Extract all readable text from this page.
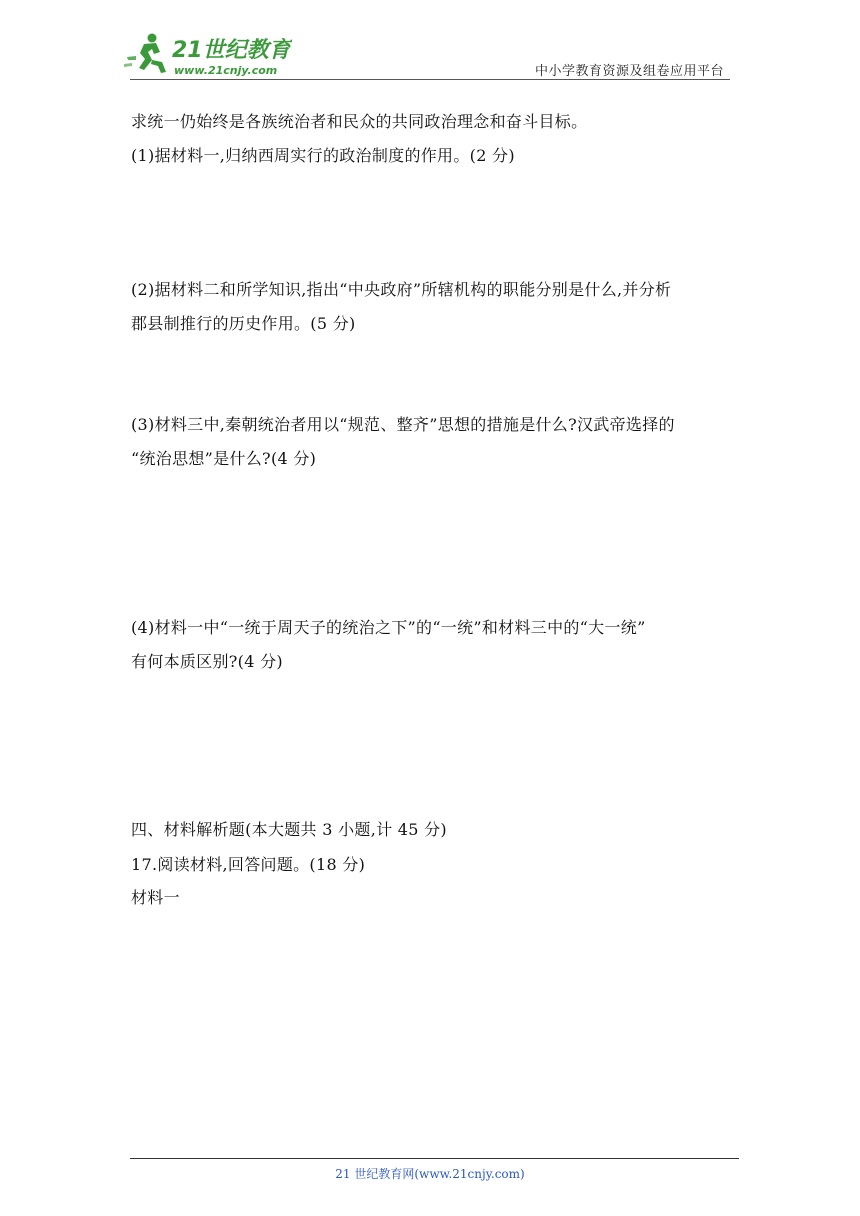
21世纪教育
www.21cnjy.com	中小学教育资源及组卷应用平台
求统一仍始终是各族统治者和民众的共同政治理念和奋斗目标。
(1)据材料一,归纳西周实行的政治制度的作用。(2 分)
(2)据材料二和所学知识,指出“中央政府”所辖机构的职能分别是什么,并分析
郡县制推行的历史作用。(5 分)
(3)材料三中,秦朝统治者用以“规范、整齐”思想的措施是什么?汉武帝选择的
“统治思想”是什么?(4 分)
(4)材料一中“一统于周天子的统治之下”的“一统”和材料三中的“大一统”
有何本质区别?(4 分)
四、材料解析题(本大题共 3 小题,计 45 分)
17.阅读材料,回答问题。(18 分)
材料一
21 世纪教育网(www.21cnjy.com)
